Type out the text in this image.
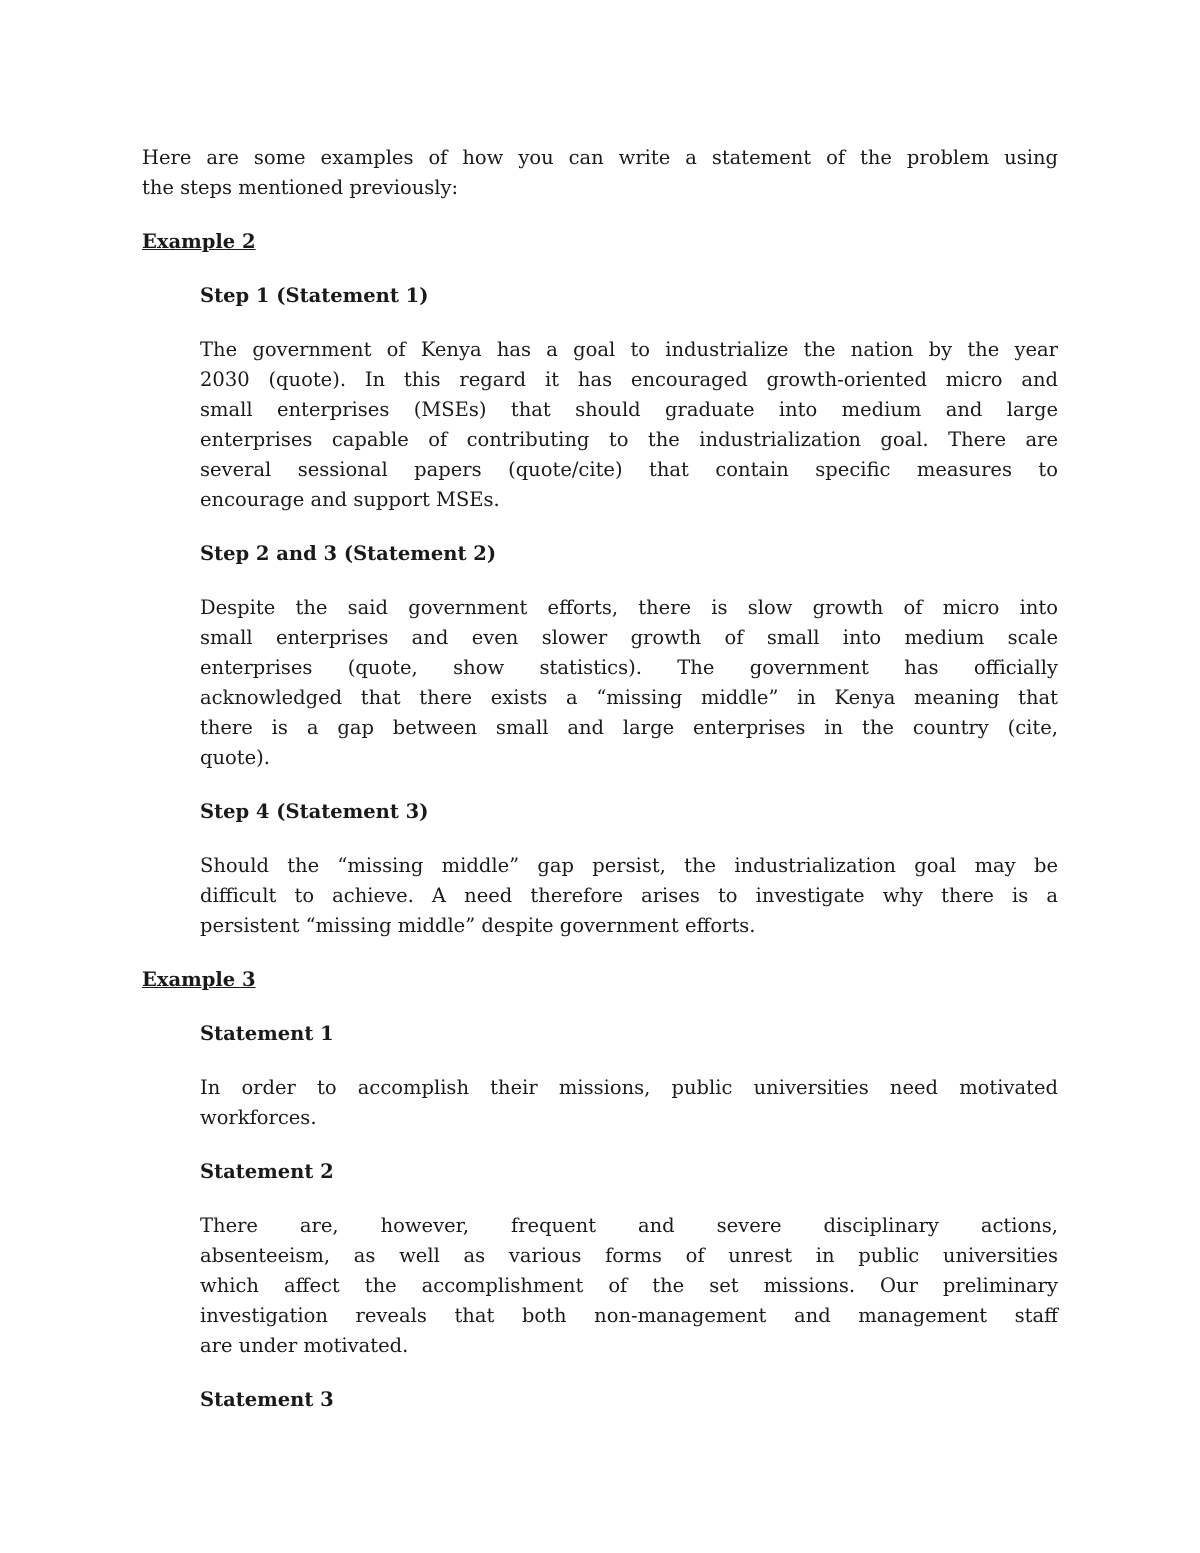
Here are some examples of how you can write a statement of the problem using
the steps mentioned previously:
Example 2
Step 1 (Statement 1)
The government of Kenya has a goal to industrialize the nation by the year
2030 (quote). In this regard it has encouraged growth-oriented micro and
small enterprises (MSEs) that should graduate into medium and large
enterprises capable of contributing to the industrialization goal. There are
several sessional papers (quote/cite) that contain specific measures to
encourage and support MSEs.
Step 2 and 3 (Statement 2)
Despite the said government efforts, there is slow growth of micro into
small enterprises and even slower growth of small into medium scale
enterprises (quote, show statistics). The government has officially
acknowledged that there exists a “missing middle” in Kenya meaning that
there is a gap between small and large enterprises in the country (cite,
quote).
Step 4 (Statement 3)
Should the “missing middle” gap persist, the industrialization goal may be
difficult to achieve. A need therefore arises to investigate why there is a
persistent “missing middle” despite government efforts.
Example 3
Statement 1
In order to accomplish their missions, public universities need motivated
workforces.
Statement 2
There are, however, frequent and severe disciplinary actions,
absenteeism, as well as various forms of unrest in public universities
which affect the accomplishment of the set missions. Our preliminary
investigation reveals that both non-management and management staff
are under motivated.
Statement 3
